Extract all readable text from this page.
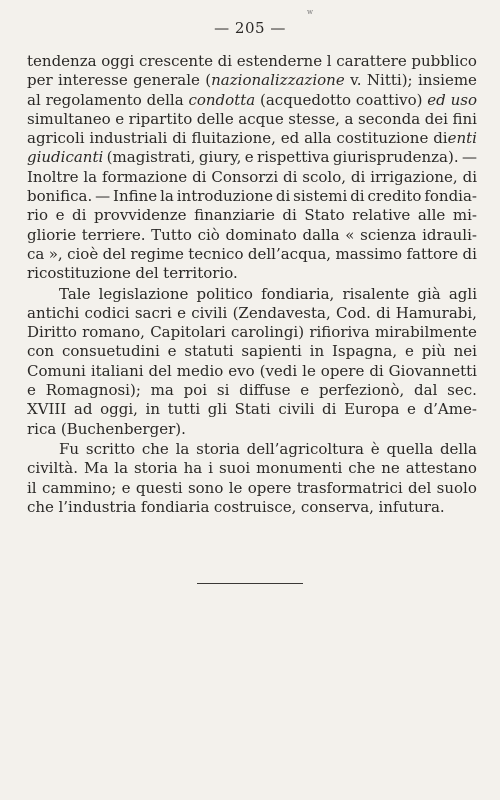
w
— 205 —
tendenza oggi crescente di estenderne l carattere pubblico
per interesse generale (nazionalizzazione v. Nitti); insieme
al regolamento della condotta (acquedotto coattivo) ed uso
simultaneo e ripartito delle acque stesse, a seconda dei fini
agricoli industriali di fluitazione, ed alla costituzione dienti
giudicanti (magistrati, giury, e rispettiva giurisprudenza). —
Inoltre la formazione di Consorzi di scolo, di irrigazione, di
bonifica. — Infine la introduzione di sistemi di credito fondia-
rio e di provvidenze finanziarie di Stato relative alle mi-
gliorie terriere. Tutto ciò dominato dalla « scienza idrauli-
ca », cioè del regime tecnico dell’acqua, massimo fattore di
ricostituzione del territorio.
Tale legislazione politico fondiaria, risalente già agli
antichi codici sacri e civili (Zendavesta, Cod. di Hamurabi,
Diritto romano, Capitolari carolingi) rifioriva mirabilmente
con consuetudini e statuti sapienti in Ispagna, e più nei
Comuni italiani del medio evo (vedi le opere di Giovannetti
e Romagnosi); ma poi si diffuse e perfezionò, dal sec.
XVIII ad oggi, in tutti gli Stati civili di Europa e d’Ame-
rica (Buchenberger).
Fu scritto che la storia dell’agricoltura è quella della
civiltà. Ma la storia ha i suoi monumenti che ne attestano
il cammino; e questi sono le opere trasformatrici del suolo
che l’industria fondiaria costruisce, conserva, infutura.
